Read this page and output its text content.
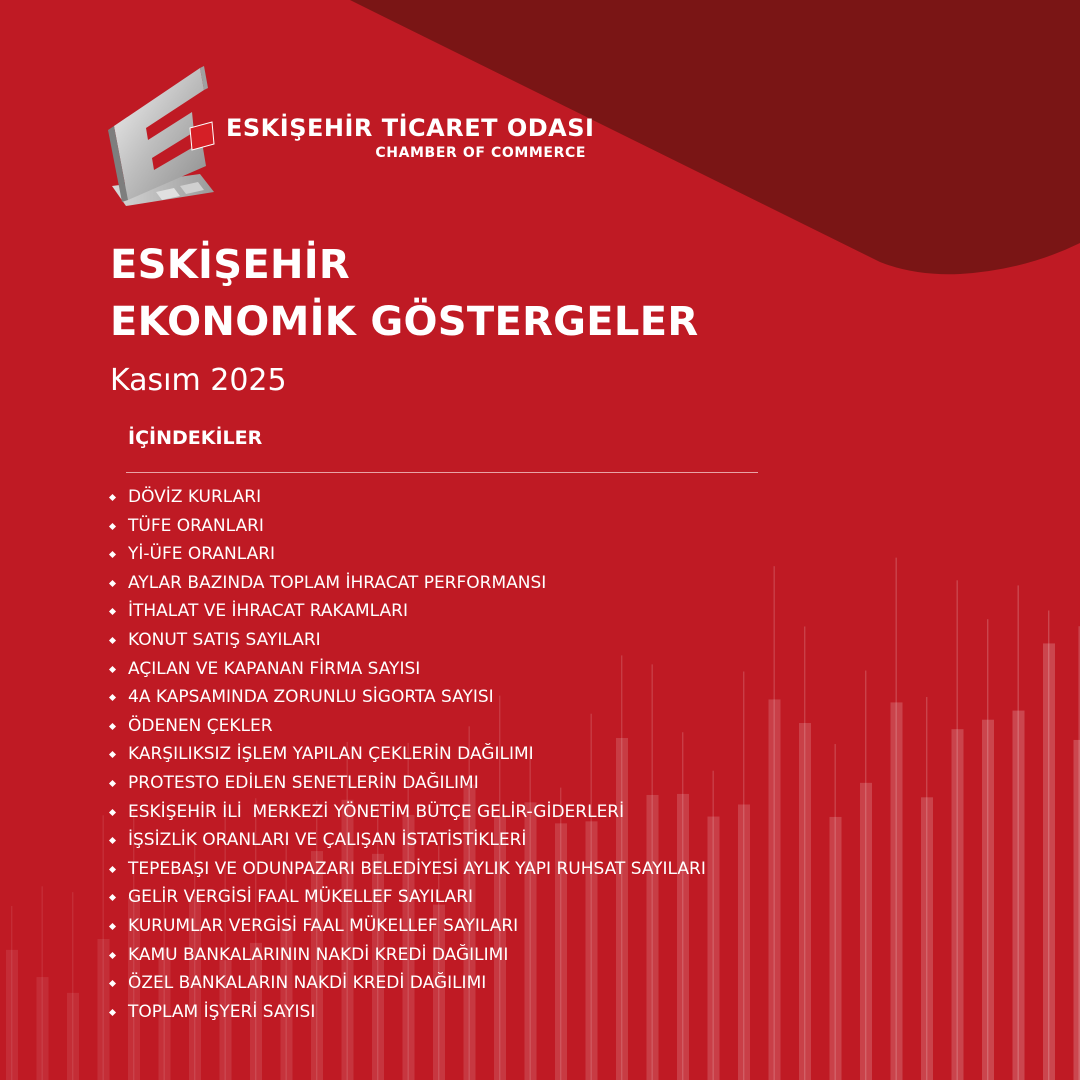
ESKİŞEHİR TİCARET ODASI
CHAMBER OF COMMERCE
ESKİŞEHİR
EKONOMİK GÖSTERGELER
Kasım 2025
İÇİNDEKİLER
DÖVİZ KURLARI
TÜFE ORANLARI
Yİ-ÜFE ORANLARI
AYLAR BAZINDA TOPLAM İHRACAT PERFORMANSI
İTHALAT VE İHRACAT RAKAMLARI
KONUT SATIŞ SAYILARI
AÇILAN VE KAPANAN FİRMA SAYISI
4A KAPSAMINDA ZORUNLU SİGORTA SAYISI
ÖDENEN ÇEKLER
KARŞILIKSIZ İŞLEM YAPILAN ÇEKLERİN DAĞILIMI
PROTESTO EDİLEN SENETLERİN DAĞILIMI
ESKİŞEHİR İLİ  MERKEZİ YÖNETİM BÜTÇE GELİR-GİDERLERİ
İŞSİZLİK ORANLARI VE ÇALIŞAN İSTATİSTİKLERİ
TEPEBAŞI VE ODUNPAZARI BELEDİYESİ AYLIK YAPI RUHSAT SAYILARI
GELİR VERGİSİ FAAL MÜKELLEF SAYILARI
KURUMLAR VERGİSİ FAAL MÜKELLEF SAYILARI
KAMU BANKALARININ NAKDİ KREDİ DAĞILIMI
ÖZEL BANKALARIN NAKDİ KREDİ DAĞILIMI
TOPLAM İŞYERİ SAYISI
